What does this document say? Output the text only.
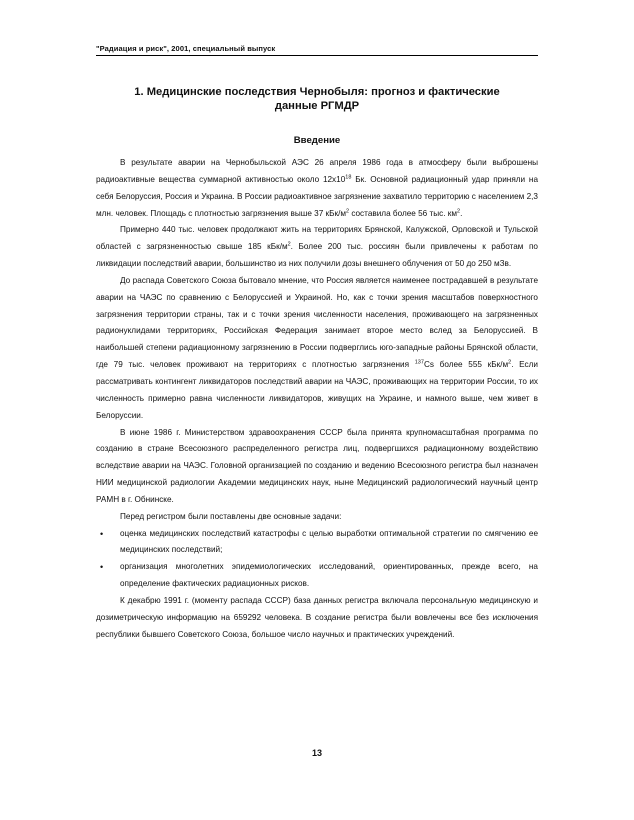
"Радиация и риск", 2001, специальный выпуск
1. Медицинские последствия Чернобыля: прогноз и фактические
данные РГМДР
Введение

В результате аварии на Чернобыльской АЭС 26 апреля 1986 года в атмосферу были выброшены радиоактивные вещества суммарной активностью около $12x10^{18}$ Бк. Основной радиационный удар приняли на себя Белоруссия, Россия и Украина. В России радиоактивное загрязнение захватило территорию с населением 2,3 млн. человек. Площадь с плотностью загрязнения выше 37 кБк/$м^2$ составила более 56 тыс. $км^2$.

Примерно 440 тыс. человек продолжают жить на территориях Брянской, Калужской, Орловской и Тульской областей с загрязненностью свыше 185 кБк/$м^2$. Более 200 тыс. россиян были привлечены к работам по ликвидации последствий аварии, большинство из них получили дозы внешнего облучения от 50 до 250 мЗв.

До распада Советского Союза бытовало мнение, что Россия является наименее пострадавшей в результате аварии на ЧАЭС по сравнению с Белоруссией и Украиной. Но, как с точки зрения масштабов поверхностного загрязнения территории страны, так и с точки зрения численности населения, проживающего на загрязненных радионуклидами территориях, Российская Федерация занимает второе место вслед за Белоруссией. В наибольшей степени радиационному загрязнению в России подверглись юго-западные районы Брянской области, где 79 тыс. человек проживают на территориях с плотностью загрязнения $^{137}$Cs более 555 кБк/$м^2$. Если рассматривать контингент ликвидаторов последствий аварии на ЧАЭС, проживающих на территории России, то их численность примерно равна численности ликвидаторов, живущих на Украине, и намного выше, чем живет в Белоруссии.

В июне 1986 г. Министерством здравоохранения СССР была принята крупномасштабная программа по созданию в стране Всесоюзного распределенного регистра лиц, подвергшихся радиационному воздействию вследствие аварии на ЧАЭС. Головной организацией по созданию и ведению Всесоюзного регистра был назначен НИИ медицинской радиологии Академии медицинских наук, ныне Медицинский радиологический научный центр РАМН в г. Обнинске.

Перед регистром были поставлены две основные задачи:

• оценка медицинских последствий катастрофы с целью выработки оптимальной стратегии по смягчению ее медицинских последствий;
• организация многолетних эпидемиологических исследований, ориентированных, прежде всего, на определение фактических радиационных рисков.

К декабрю 1991 г. (моменту распада СССР) база данных регистра включала персональную медицинскую и дозиметрическую информацию на 659292 человека. В создание регистра были вовлечены все без исключения республики бывшего Советского Союза, большое число научных и практических учреждений.

13
